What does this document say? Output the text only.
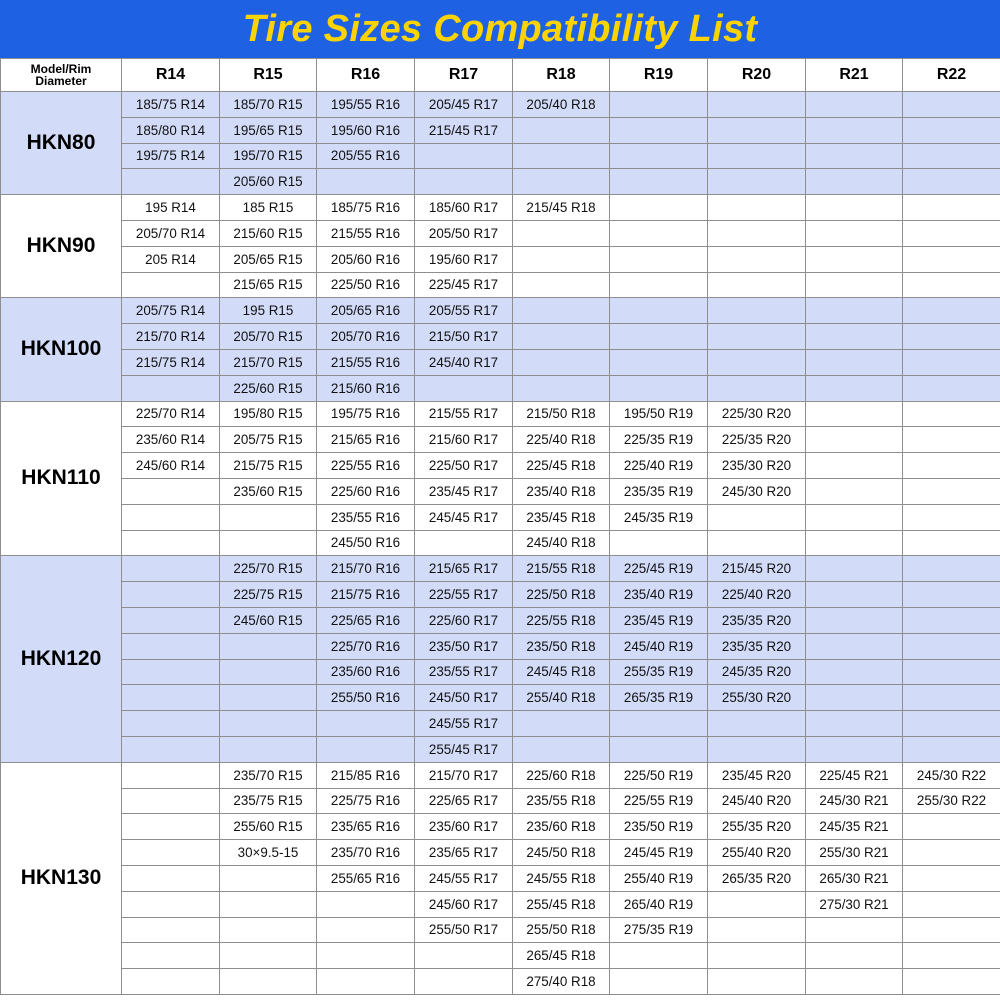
Tire Sizes Compatibility List
Model/Rim
Diameter	R14	R15	R16	R17	R18	R19	R20	R21	R22
HKN80	185/75 R14	185/70 R15	195/55 R16	205/45 R17	205/40 R18				
	185/80 R14	195/65 R15	195/60 R16	215/45 R17					
	195/75 R14	195/70 R15	205/55 R16						
		205/60 R15							
HKN90	195 R14	185 R15	185/75 R16	185/60 R17	215/45 R18				
	205/70 R14	215/60 R15	215/55 R16	205/50 R17					
	205 R14	205/65 R15	205/60 R16	195/60 R17					
		215/65 R15	225/50 R16	225/45 R17					
HKN100	205/75 R14	195 R15	205/65 R16	205/55 R17					
	215/70 R14	205/70 R15	205/70 R16	215/50 R17					
	215/75 R14	215/70 R15	215/55 R16	245/40 R17					
		225/60 R15	215/60 R16						
HKN110	225/70 R14	195/80 R15	195/75 R16	215/55 R17	215/50 R18	195/50 R19	225/30 R20		
	235/60 R14	205/75 R15	215/65 R16	215/60 R17	225/40 R18	225/35 R19	225/35 R20		
	245/60 R14	215/75 R15	225/55 R16	225/50 R17	225/45 R18	225/40 R19	235/30 R20		
		235/60 R15	225/60 R16	235/45 R17	235/40 R18	235/35 R19	245/30 R20		
			235/55 R16	245/45 R17	235/45 R18	245/35 R19			
			245/50 R16		245/40 R18				
HKN120		225/70 R15	215/70 R16	215/65 R17	215/55 R18	225/45 R19	215/45 R20		
		225/75 R15	215/75 R16	225/55 R17	225/50 R18	235/40 R19	225/40 R20		
		245/60 R15	225/65 R16	225/60 R17	225/55 R18	235/45 R19	235/35 R20		
			225/70 R16	235/50 R17	235/50 R18	245/40 R19	235/35 R20		
			235/60 R16	235/55 R17	245/45 R18	255/35 R19	245/35 R20		
			255/50 R16	245/50 R17	255/40 R18	265/35 R19	255/30 R20		
				245/55 R17					
				255/45 R17					
HKN130		235/70 R15	215/85 R16	215/70 R17	225/60 R18	225/50 R19	235/45 R20	225/45 R21	245/30 R22
		235/75 R15	225/75 R16	225/65 R17	235/55 R18	225/55 R19	245/40 R20	245/30 R21	255/30 R22
		255/60 R15	235/65 R16	235/60 R17	235/60 R18	235/50 R19	255/35 R20	245/35 R21	
		30×9.5-15	235/70 R16	235/65 R17	245/50 R18	245/45 R19	255/40 R20	255/30 R21	
			255/65 R16	245/55 R17	245/55 R18	255/40 R19	265/35 R20	265/30 R21	
				245/60 R17	255/45 R18	265/40 R19		275/30 R21	
				255/50 R17	255/50 R18	275/35 R19			
					265/45 R18				
					275/40 R18				
